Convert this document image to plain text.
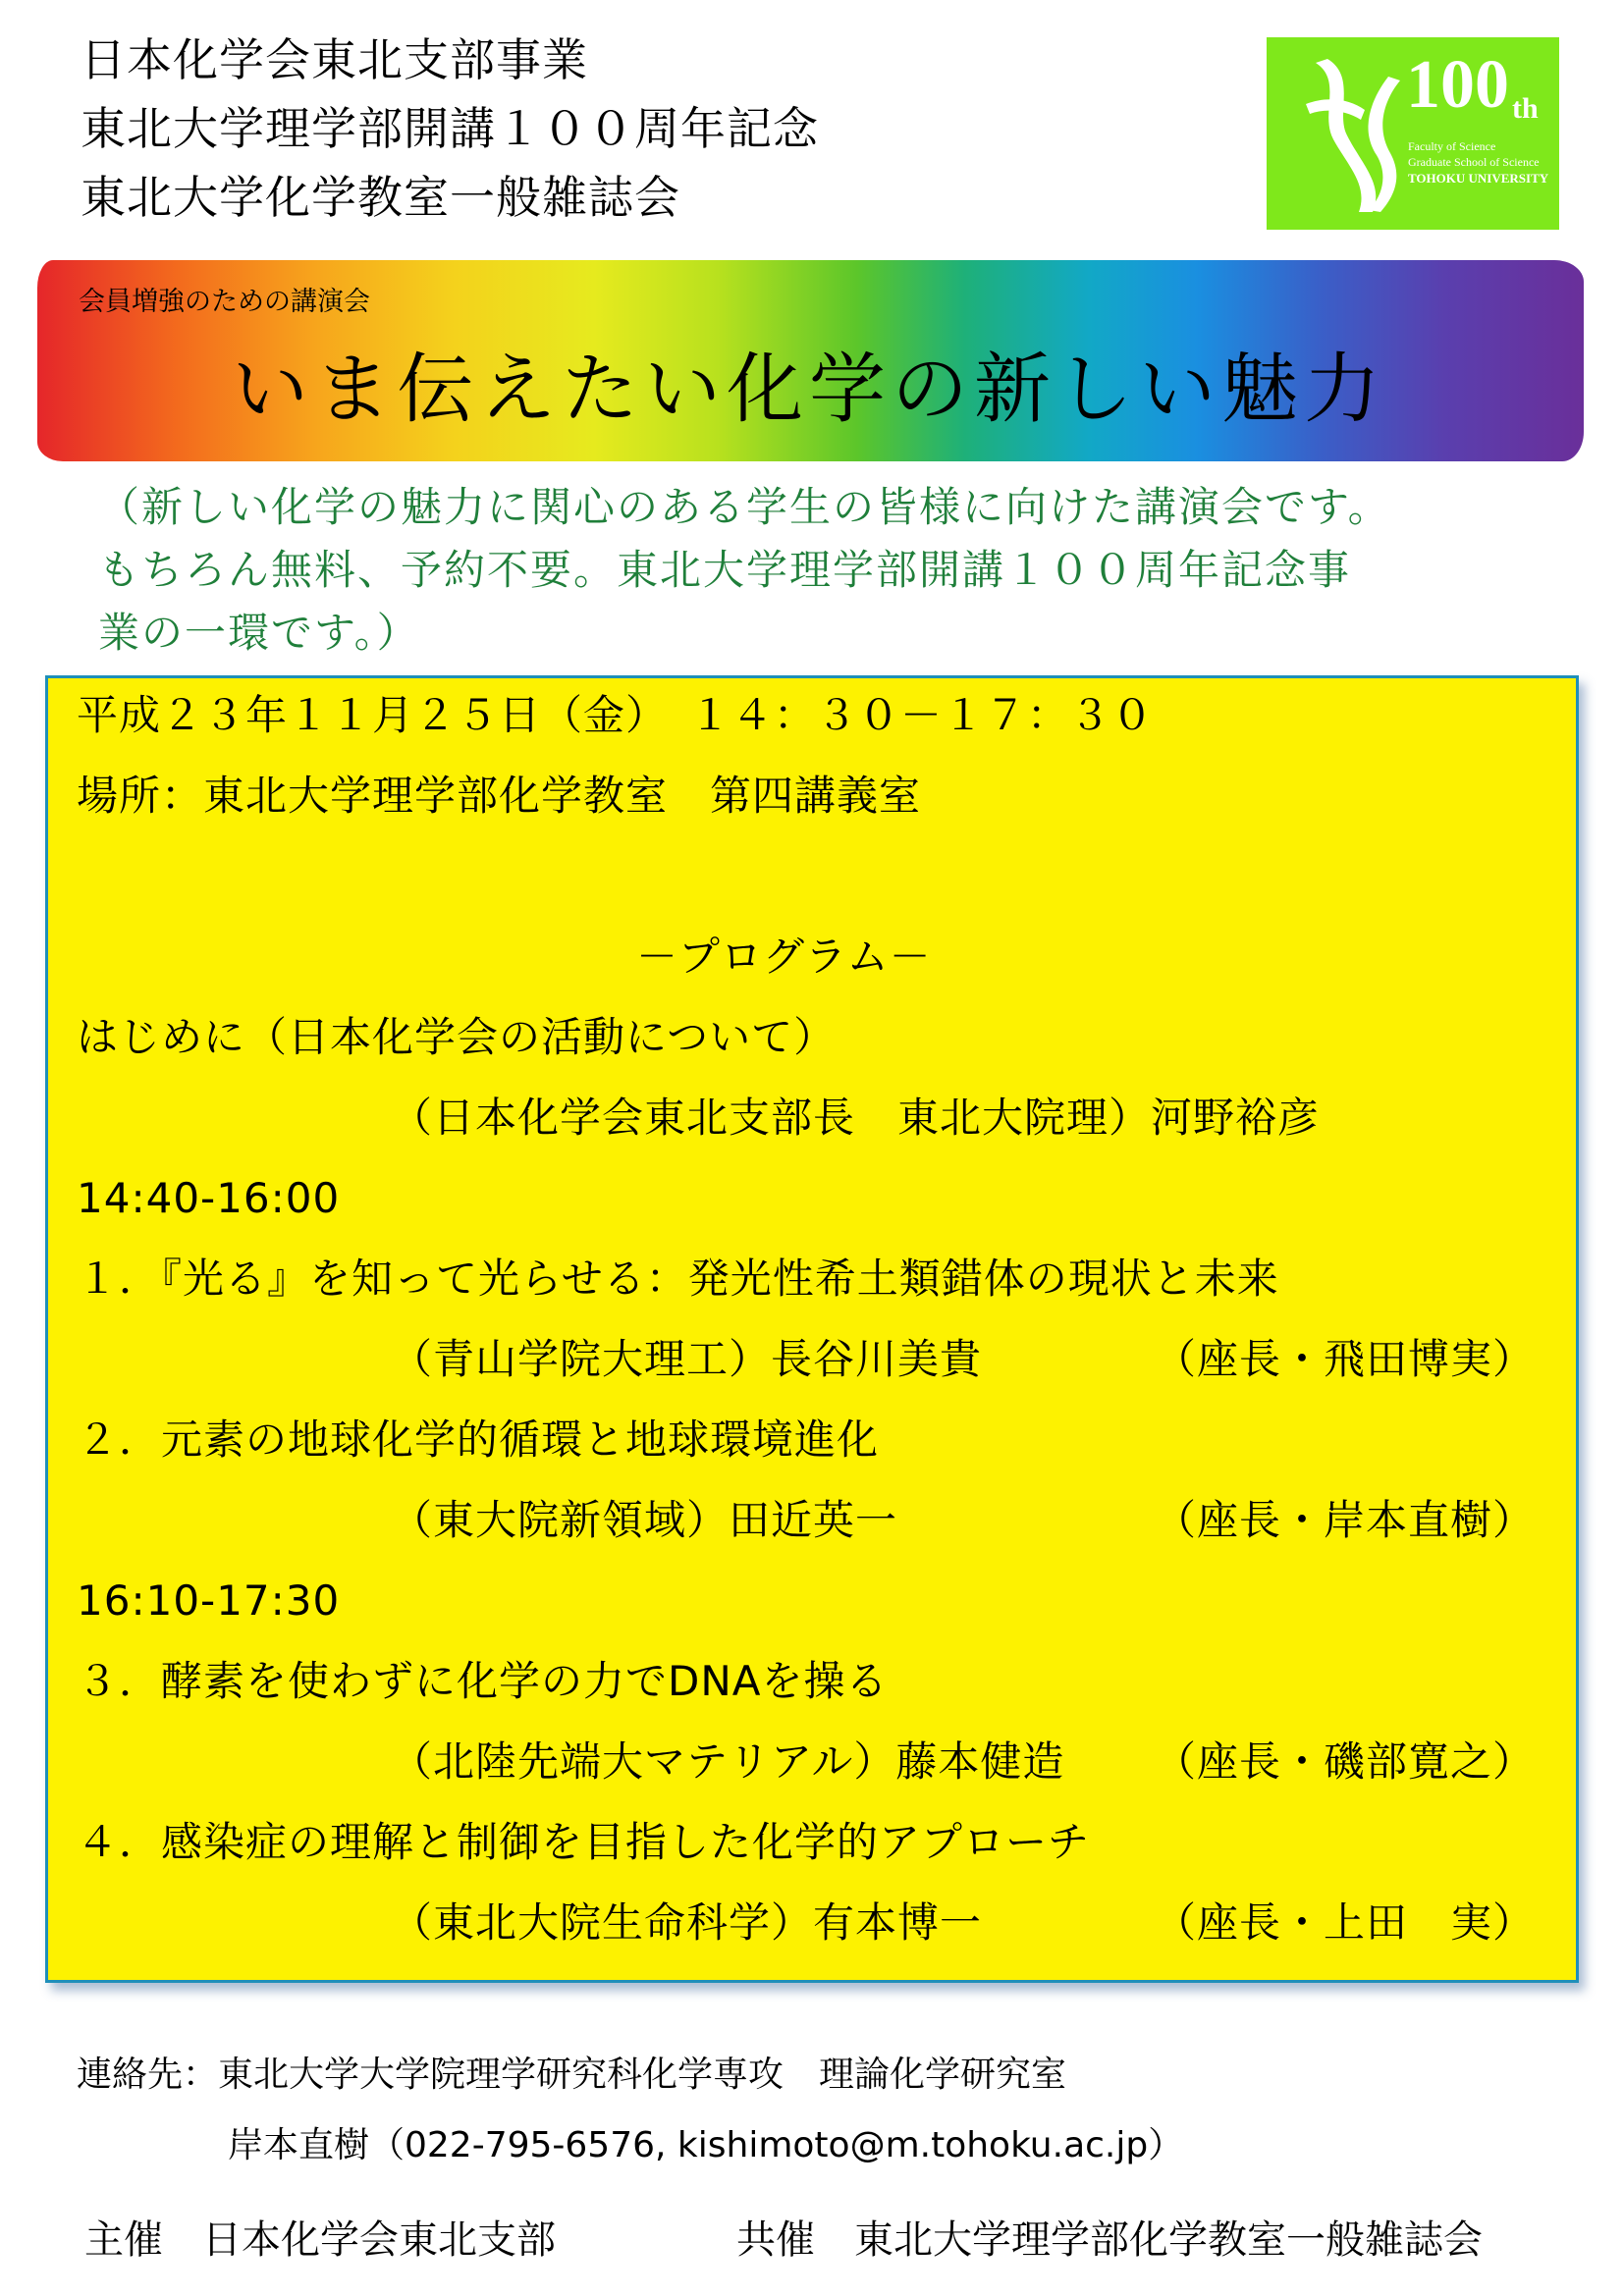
日本化学会東北支部事業
東北大学理学部開講１００周年記念
東北大学化学教室一般雑誌会
100 th
Faculty of Science
Graduate School of Science
TOHOKU UNIVERSITY
会員増強のための講演会
いま伝えたい化学の新しい魅力
（新しい化学の魅力に関心のある学生の皆様に向けた講演会です。
もちろん無料、予約不要。東北大学理学部開講１００周年記念事
業の一環です。）
平成２３年１１月２５日（金）　１４：３０－１７：３０
場所：東北大学理学部化学教室　第四講義室
－プログラム－
はじめに（日本化学会の活動について）
（日本化学会東北支部長　東北大院理）河野裕彦
14:40-16:00
１．『光る』を知って光らせる：発光性希土類錯体の現状と未来
（青山学院大理工）長谷川美貴	（座長・飛田博実）
２．元素の地球化学的循環と地球環境進化
（東大院新領域）田近英一	（座長・岸本直樹）
16:10-17:30
３．酵素を使わずに化学の力でDNAを操る
（北陸先端大マテリアル）藤本健造 （座長・磯部寛之）
４．感染症の理解と制御を目指した化学的アプローチ
（東北大院生命科学）有本博一	（座長・上田　実）
連絡先：東北大学大学院理学研究科化学専攻　理論化学研究室
岸本直樹（022-795-6576, kishimoto@m.tohoku.ac.jp）
主催　日本化学会東北支部	共催　東北大学理学部化学教室一般雑誌会
